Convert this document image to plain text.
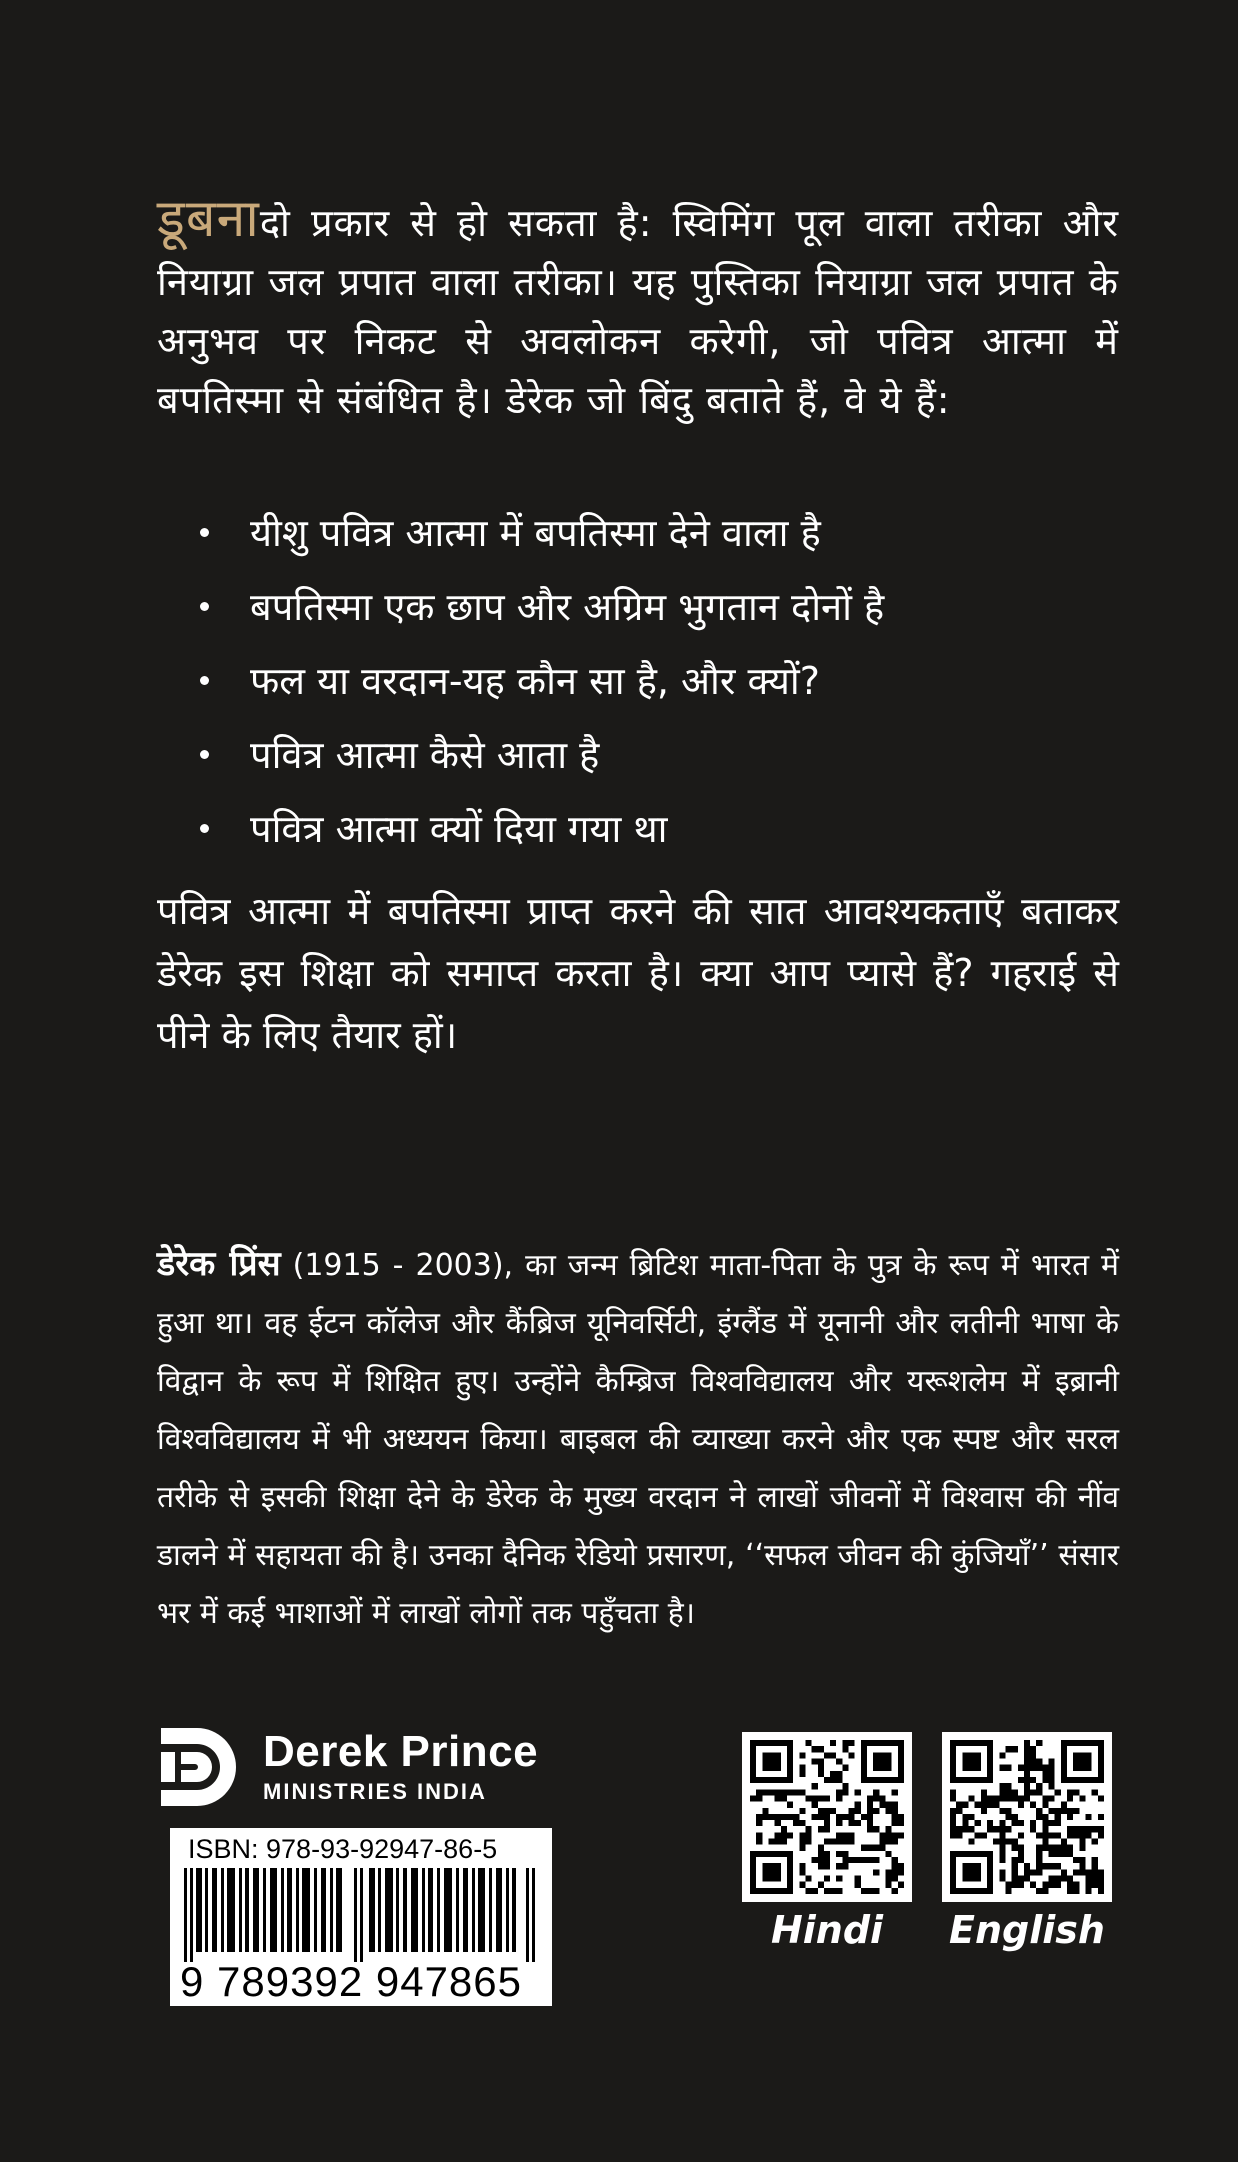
डूबनादो प्रकार से हो सकता है: स्विमिंग पूल वाला तरीका और नियाग्रा जल प्रपात वाला तरीका। यह पुस्तिका नियाग्रा जल प्रपात के अनुभव पर निकट से अवलोकन करेगी, जो पवित्र आत्मा में बपतिस्मा से संबंधित है। डेरेक जो बिंदु बताते हैं, वे ये हैं:
यीशु पवित्र आत्मा में बपतिस्मा देने वाला है
बपतिस्मा एक छाप और अग्रिम भुगतान दोनों है
फल या वरदान-यह कौन सा है, और क्यों?
पवित्र आत्मा कैसे आता है
पवित्र आत्मा क्यों दिया गया था
पवित्र आत्मा में बपतिस्मा प्राप्त करने की सात आवश्यकताएँ बताकर डेरेक इस शिक्षा को समाप्त करता है। क्या आप प्यासे हैं? गहराई से पीने के लिए तैयार हों।
डेरेक प्रिंस (1915 - 2003), का जन्म ब्रिटिश माता-पिता के पुत्र के रूप में भारत में हुआ था। वह ईटन कॉलेज और कैंब्रिज यूनिवर्सिटी, इंग्लैंड में यूनानी और लतीनी भाषा के विद्वान के रूप में शिक्षित हुए। उन्होंने कैम्ब्रिज विश्वविद्यालय और यरूशलेम में इब्रानी विश्वविद्यालय में भी अध्ययन किया। बाइबल की व्याख्या करने और एक स्पष्ट और सरल तरीके से इसकी शिक्षा देने के डेरेक के मुख्य वरदान ने लाखों जीवनों में विश्वास की नींव डालने में सहायता की है। उनका दैनिक रेडियो प्रसारण, ‘‘सफल जीवन की कुंजियाँ’’ संसार भर में कई भाशाओं में लाखों लोगों तक पहुँचता है।
Derek Prince
MINISTRIES INDIA
ISBN: 978-93-92947-86-5
9 789392 947865
Hindi	English
